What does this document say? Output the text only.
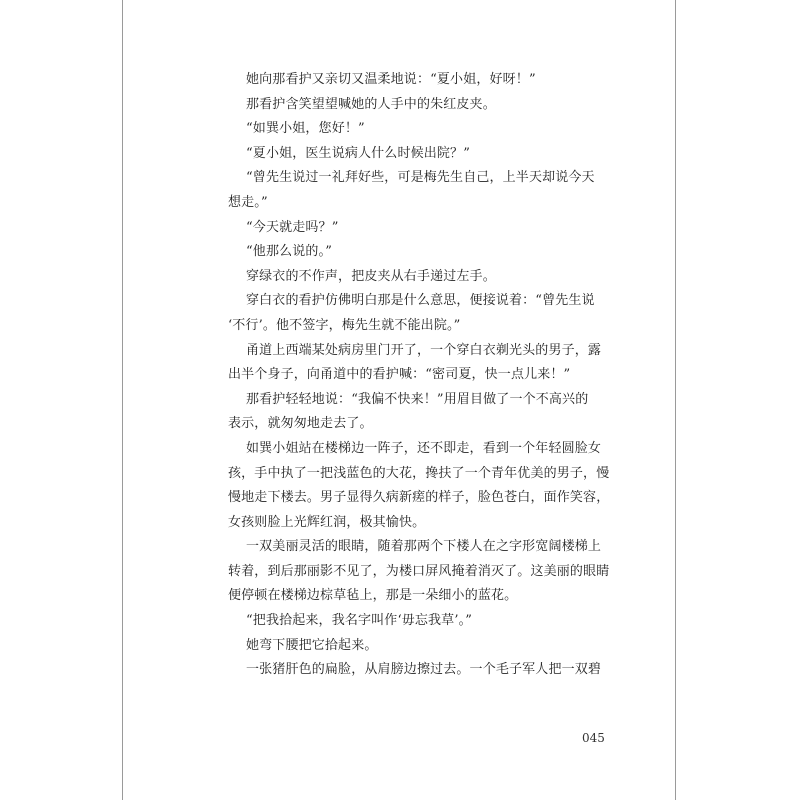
她向那看护又亲切又温柔地说：“夏小姐，好呀！”
那看护含笑望望喊她的人手中的朱红皮夹。
“如巽小姐，您好！”
“夏小姐，医生说病人什么时候出院？”
“曾先生说过一礼拜好些，可是梅先生自己，上半天却说今天
想走。”
“今天就走吗？”
“他那么说的。”
穿绿衣的不作声，把皮夹从右手递过左手。
穿白衣的看护仿佛明白那是什么意思，便接说着：“曾先生说
‘不行’。他不签字，梅先生就不能出院。”
甬道上西端某处病房里门开了，一个穿白衣剃光头的男子，露
出半个身子，向甬道中的看护喊：“密司夏，快一点儿来！”
那看护轻轻地说：“我偏不快来！”用眉目做了一个不高兴的
表示，就匆匆地走去了。
如巽小姐站在楼梯边一阵子，还不即走，看到一个年轻圆脸女
孩，手中执了一把浅蓝色的大花，搀扶了一个青年优美的男子，慢
慢地走下楼去。男子显得久病新瘥的样子，脸色苍白，面作笑容，
女孩则脸上光辉红润，极其愉快。
一双美丽灵活的眼睛，随着那两个下楼人在之字形宽阔楼梯上
转着，到后那丽影不见了，为楼口屏风掩着消灭了。这美丽的眼睛
便停顿在楼梯边棕草毡上，那是一朵细小的蓝花。
“把我拾起来，我名字叫作‘毋忘我草’。”
她弯下腰把它拾起来。
一张猪肝色的扁脸，从肩膀边擦过去。一个毛子军人把一双碧
045
